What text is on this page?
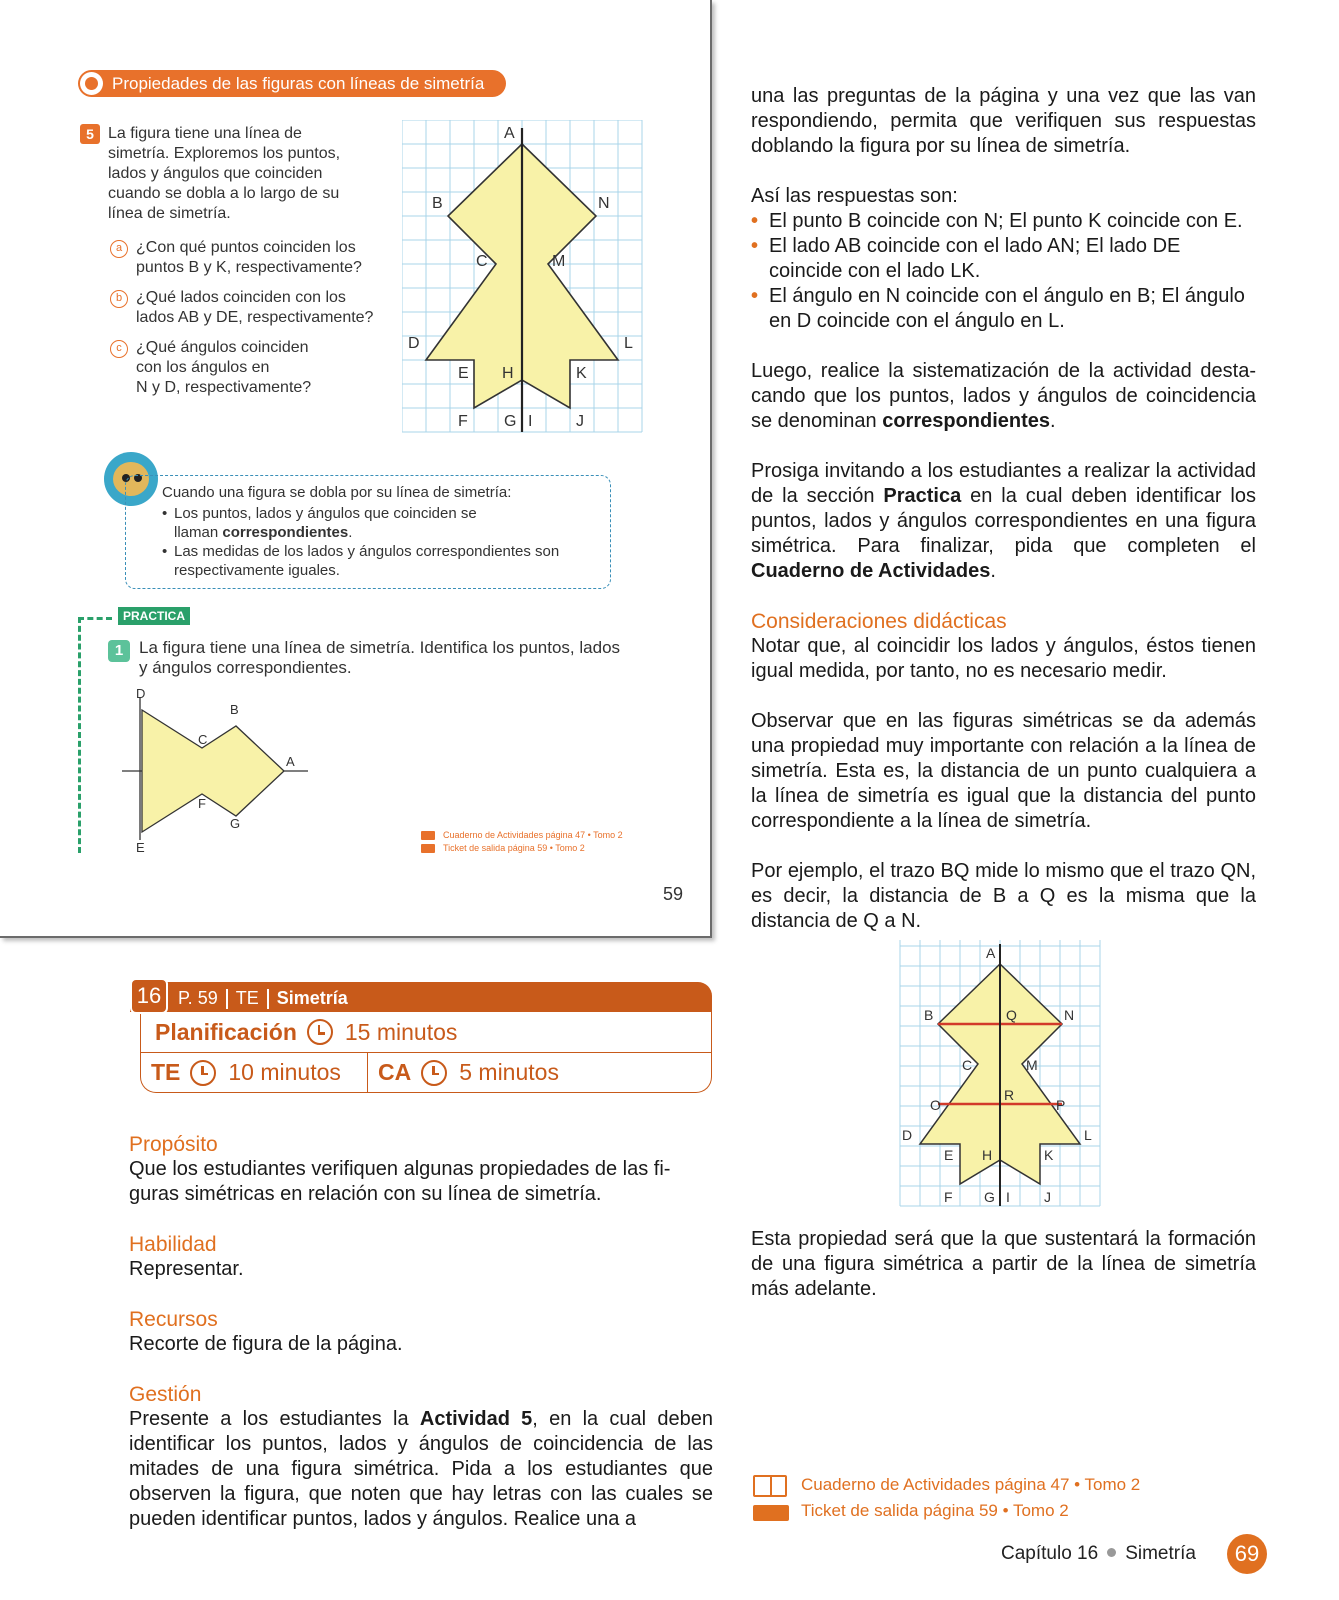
Propiedades de las figuras con líneas de simetría
5 La figura tiene una línea de
simetría. Exploremos los puntos,
lados y ángulos que coinciden
cuando se dobla a lo largo de su
línea de simetría.
a ¿Con qué puntos coinciden los
puntos B y K, respectivamente?
b ¿Qué lados coinciden con los
lados AB y DE, respectivamente?
c ¿Qué ángulos coinciden
con los ángulos en
N y D, respectivamente?
A
B	N
C	M
D	L
E H	K
F G I	J
Cuando una figura se dobla por su línea de simetría:
• Los puntos, lados y ángulos que coinciden se
llaman correspondientes.
• Las medidas de los lados y ángulos correspondientes son
respectivamente iguales.
PRACTICA
1 La figura tiene una línea de simetría. Identifica los puntos, lados
y ángulos correspondientes.
D
B
C
A
F
G
E
Cuaderno de Actividades página 47 • Tomo 2
Ticket de salida página 59 • Tomo 2
59
16 P. 59 TE Simetría
Planificación 15 minutos
TE 10 minutos CA 5 minutos
Propósito
Que los estudiantes verifiquen algunas propiedades de las fi-
guras simétricas en relación con su línea de simetría.
Habilidad
Representar.
Recursos
Recorte de figura de la página.
Gestión
Presente a los estudiantes la Actividad 5, en la cual deben identificar los puntos, lados y ángulos de coincidencia de las mitades de una figura simétrica. Pida a los estudiantes que observen la figura, que noten que hay letras con las cuales se pueden identificar puntos, lados y ángulos. Realice una a
una las preguntas de la página y una vez que las van respondiendo, permita que verifiquen sus respuestas doblando la figura por su línea de simetría.
Así las respuestas son:
• El punto B coincide con N; El punto K coincide con E.
• El lado AB coincide con el lado AN; El lado DE coincide con el lado LK.
• El ángulo en N coincide con el ángulo en B; El ángulo en D coincide con el ángulo en L.
Luego, realice la sistematización de la actividad destacando que los puntos, lados y ángulos de coincidencia se denominan correspondientes.
Prosiga invitando a los estudiantes a realizar la actividad de la sección Practica en la cual deben identificar los puntos, lados y ángulos correspondientes en una figura simétrica. Para finalizar, pida que completen el Cuaderno de Actividades.
Consideraciones didácticas
Notar que, al coincidir los lados y ángulos, éstos tienen igual medida, por tanto, no es necesario medir.
Observar que en las figuras simétricas se da además una propiedad muy importante con relación a la línea de simetría. Esta es, la distancia de un punto cualquiera a la línea de simetría es igual que la distancia del punto correspondiente a la línea de simetría.
Por ejemplo, el trazo BQ mide lo mismo que el trazo QN, es decir, la distancia de B a Q es la misma que la distancia de Q a N.
A
B	Q	N
C	M
O
R
P
D	L
E H	K
F G I J
Esta propiedad será que la que sustentará la formación de una figura simétrica a partir de la línea de simetría más adelante.
Cuaderno de Actividades página 47 • Tomo 2
Ticket de salida página 59 • Tomo 2
Capítulo 16 Simetría	69
